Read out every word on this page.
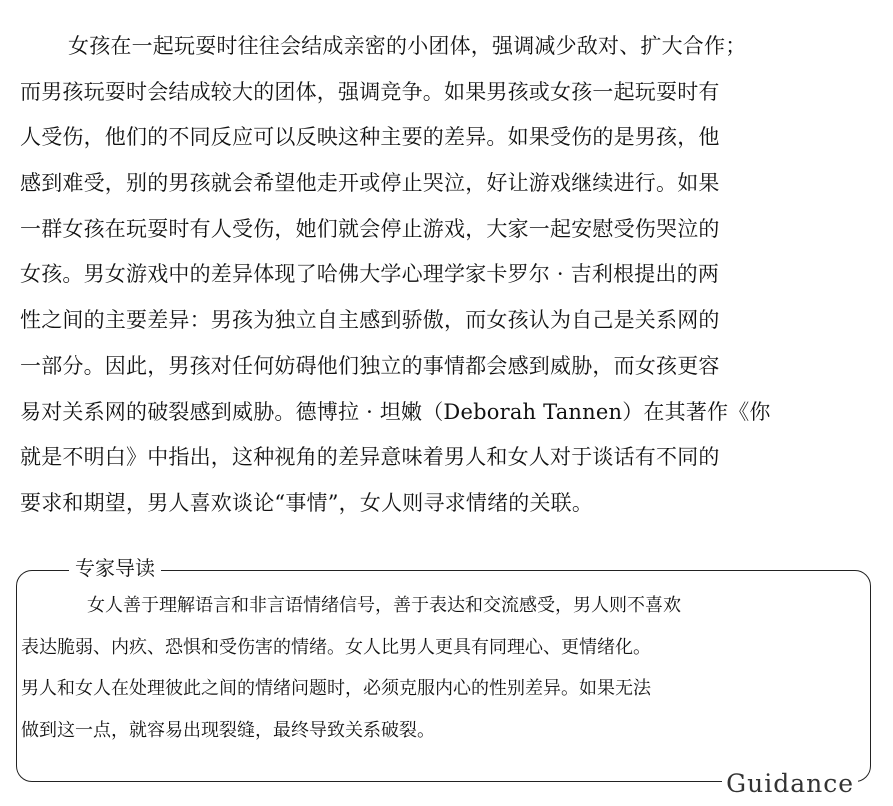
女孩在一起玩耍时往往会结成亲密的小团体，强调减少敌对、扩大合作；
而男孩玩耍时会结成较大的团体，强调竞争。如果男孩或女孩一起玩耍时有
人受伤，他们的不同反应可以反映这种主要的差异。如果受伤的是男孩，他
感到难受，别的男孩就会希望他走开或停止哭泣，好让游戏继续进行。如果
一群女孩在玩耍时有人受伤，她们就会停止游戏，大家一起安慰受伤哭泣的
女孩。男女游戏中的差异体现了哈佛大学心理学家卡罗尔 · 吉利根提出的两
性之间的主要差异：男孩为独立自主感到骄傲，而女孩认为自己是关系网的
一部分。因此，男孩对任何妨碍他们独立的事情都会感到威胁，而女孩更容
易对关系网的破裂感到威胁。德博拉 · 坦嫩（Deborah Tannen）在其著作《你
就是不明白》中指出，这种视角的差异意味着男人和女人对于谈话有不同的
要求和期望，男人喜欢谈论“事情”，女人则寻求情绪的关联。
专家导读
女人善于理解语言和非言语情绪信号，善于表达和交流感受，男人则不喜欢
表达脆弱、内疚、恐惧和受伤害的情绪。女人比男人更具有同理心、更情绪化。
男人和女人在处理彼此之间的情绪问题时，必须克服内心的性别差异。如果无法
做到这一点，就容易出现裂缝，最终导致关系破裂。
Guidance
